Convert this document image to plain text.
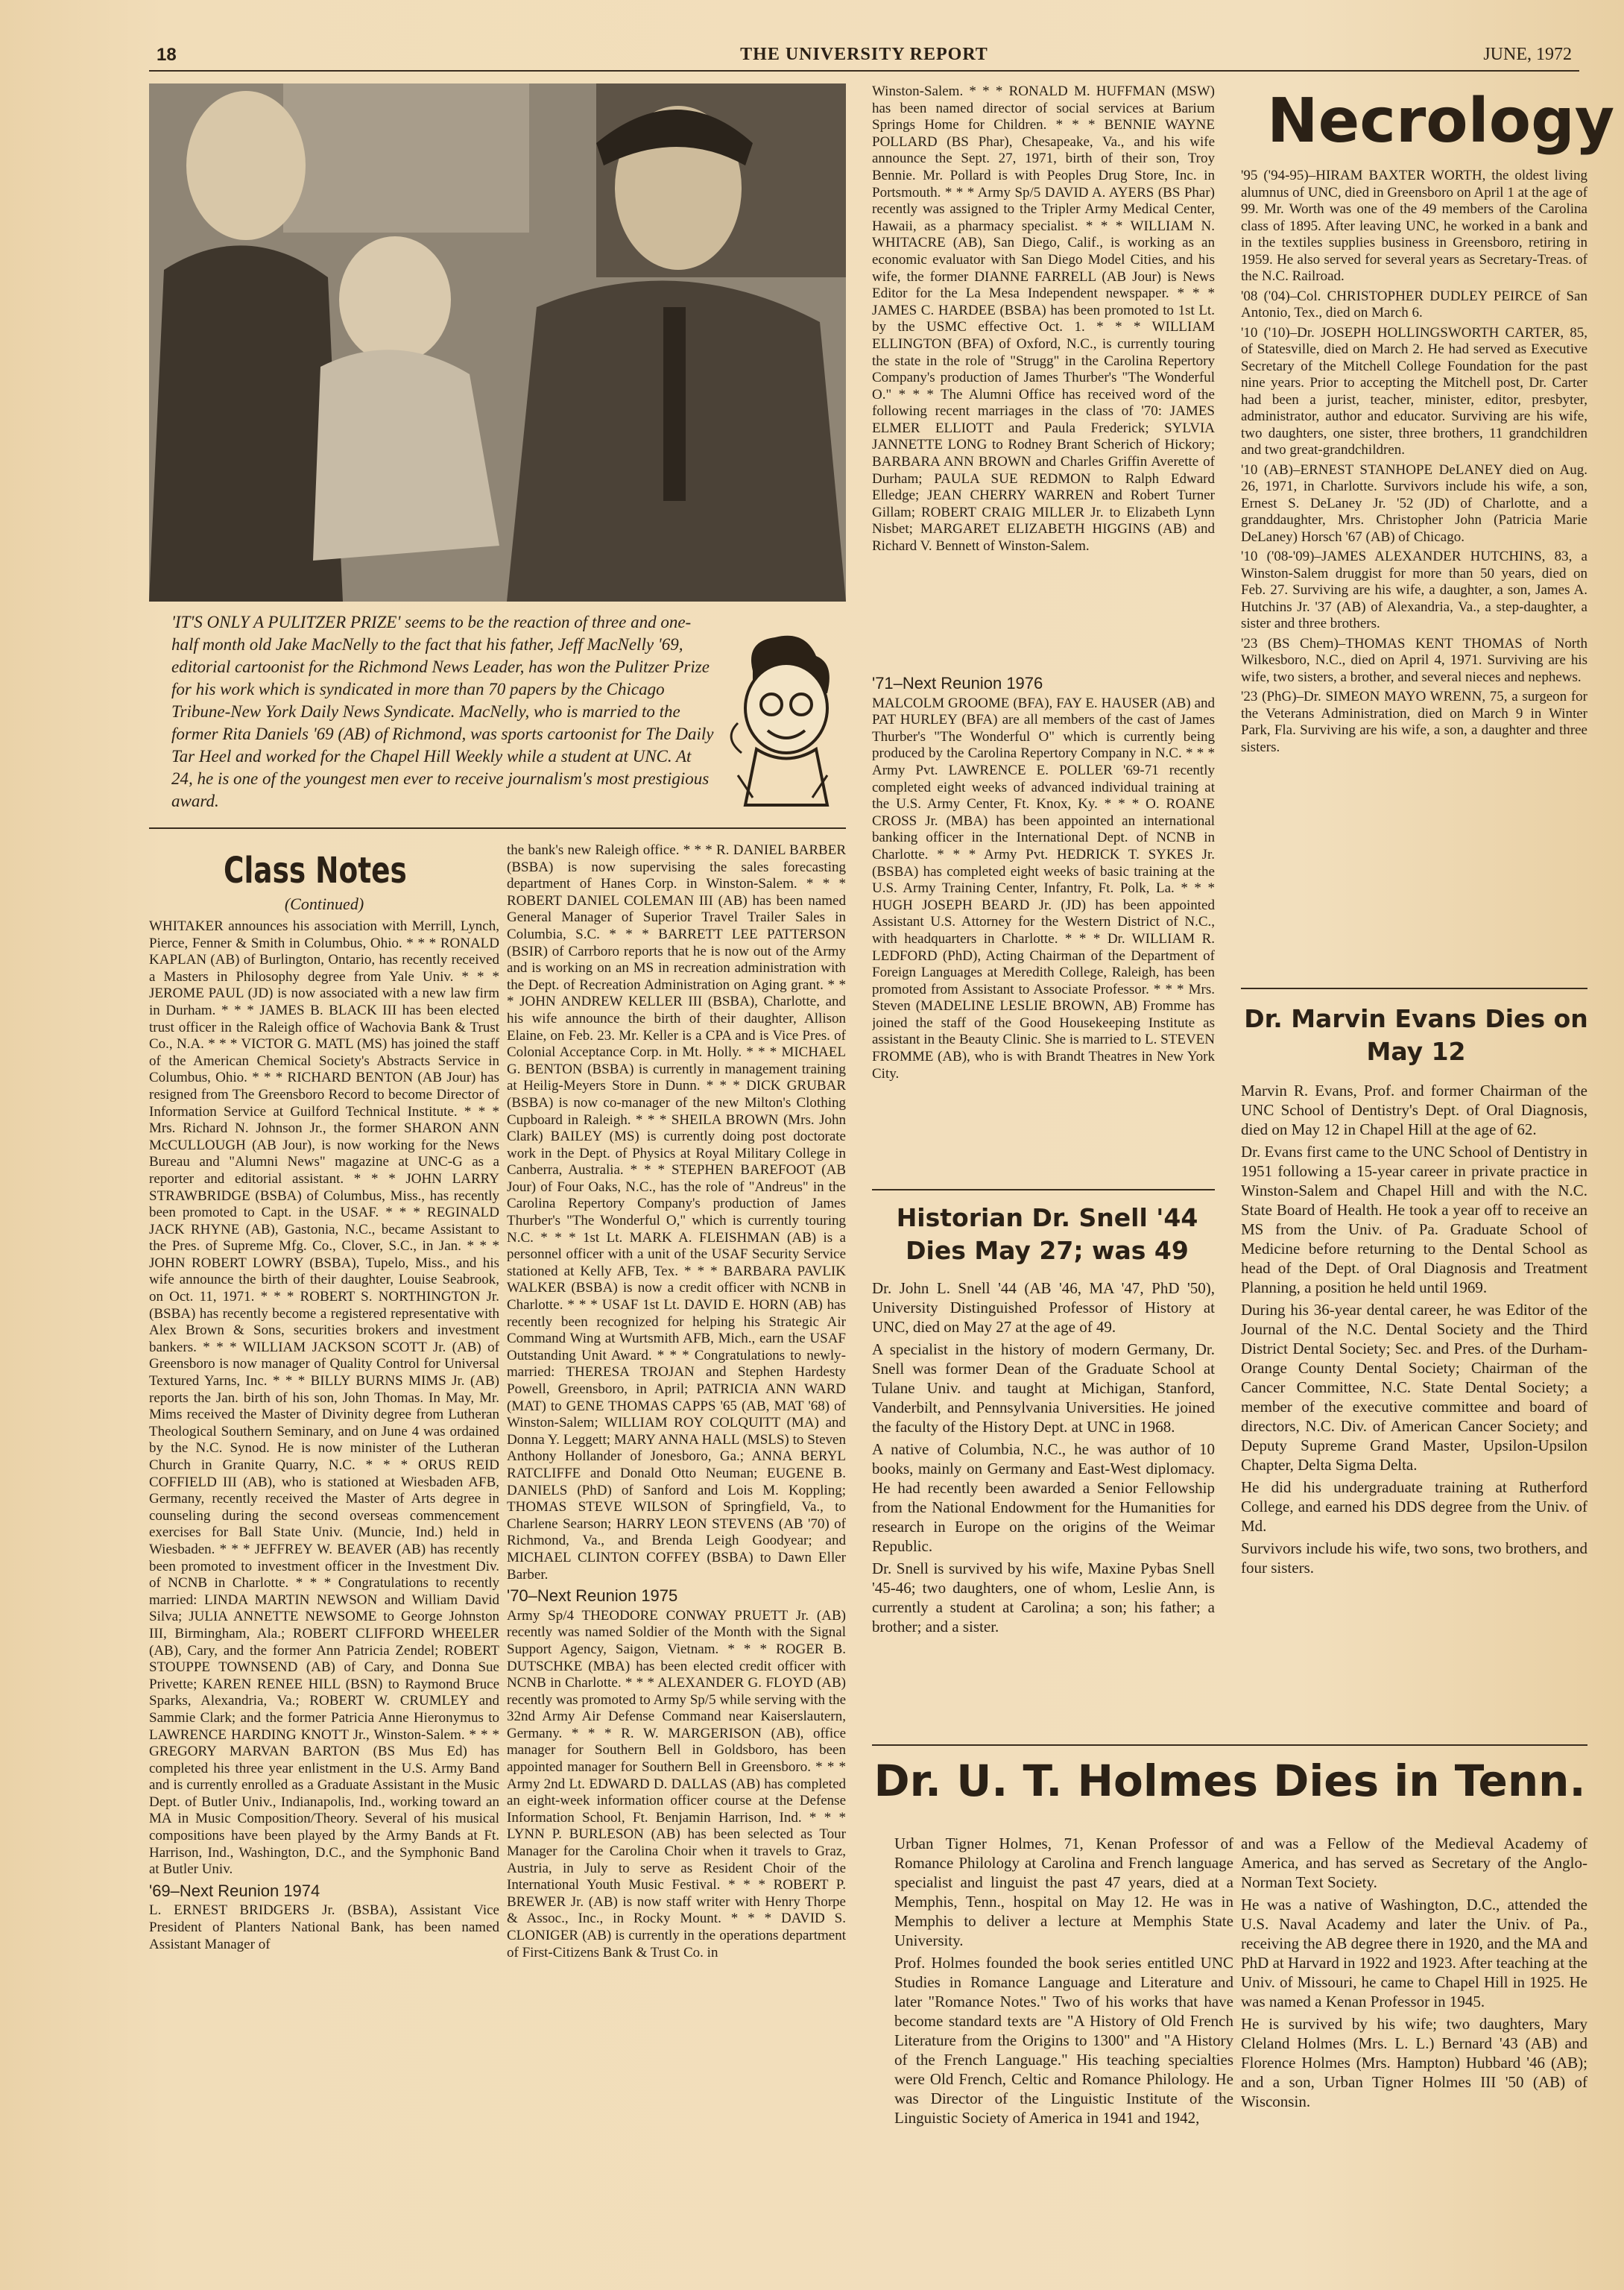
18	THE UNIVERSITY REPORT	JUNE, 1972
'IT'S ONLY A PULITZER PRIZE' seems to be the reaction of three and one-half month old Jake MacNelly to the fact that his father, Jeff MacNelly '69, editorial cartoonist for the Richmond News Leader, has won the Pulitzer Prize for his work which is syndicated in more than 70 papers by the Chicago Tribune-New York Daily News Syndicate. MacNelly, who is married to the former Rita Daniels '69 (AB) of Richmond, was sports cartoonist for The Daily Tar Heel and worked for the Chapel Hill Weekly while a student at UNC. At 24, he is one of the youngest men ever to receive journalism's most prestigious award.
Class Notes
(Continued)

WHITAKER announces his association with Merrill, Lynch, Pierce, Fenner & Smith in Columbus, Ohio. * * * RONALD KAPLAN (AB) of Burlington, Ontario, has recently received a Masters in Philosophy degree from Yale Univ. * * * JEROME PAUL (JD) is now associated with a new law firm in Durham. * * * JAMES B. BLACK III has been elected trust officer in the Raleigh office of Wachovia Bank & Trust Co., N.A. * * * VICTOR G. MATL (MS) has joined the staff of the American Chemical Society's Abstracts Service in Columbus, Ohio. * * * RICHARD BENTON (AB Jour) has resigned from The Greensboro Record to become Director of Information Service at Guilford Technical Institute. * * * Mrs. Richard N. Johnson Jr., the former SHARON ANN McCULLOUGH (AB Jour), is now working for the News Bureau and "Alumni News" magazine at UNC-G as a reporter and editorial assistant. * * * JOHN LARRY STRAWBRIDGE (BSBA) of Columbus, Miss., has recently been promoted to Capt. in the USAF. * * * REGINALD JACK RHYNE (AB), Gastonia, N.C., became Assistant to the Pres. of Supreme Mfg. Co., Clover, S.C., in Jan. * * * JOHN ROBERT LOWRY (BSBA), Tupelo, Miss., and his wife announce the birth of their daughter, Louise Seabrook, on Oct. 11, 1971. * * * ROBERT S. NORTHINGTON Jr. (BSBA) has recently become a registered representative with Alex Brown & Sons, securities brokers and investment bankers. * * * WILLIAM JACKSON SCOTT Jr. (AB) of Greensboro is now manager of Quality Control for Universal Textured Yarns, Inc. * * * BILLY BURNS MIMS Jr. (AB) reports the Jan. birth of his son, John Thomas. In May, Mr. Mims received the Master of Divinity degree from Lutheran Theological Southern Seminary, and on June 4 was ordained by the N.C. Synod. He is now minister of the Lutheran Church in Granite Quarry, N.C. * * * ORUS REID COFFIELD III (AB), who is stationed at Wiesbaden AFB, Germany, recently received the Master of Arts degree in counseling during the second overseas commencement exercises for Ball State Univ. (Muncie, Ind.) held in Wiesbaden. * * * JEFFREY W. BEAVER (AB) has recently been promoted to investment officer in the Investment Div. of NCNB in Charlotte. * * * Congratulations to recently married: LINDA MARTIN NEWSON and William David Silva; JULIA ANNETTE NEWSOME to George Johnston III, Birmingham, Ala.; ROBERT CLIFFORD WHEELER (AB), Cary, and the former Ann Patricia Zendel; ROBERT STOUPPE TOWNSEND (AB) of Cary, and Donna Sue Privette; KAREN RENEE HILL (BSN) to Raymond Bruce Sparks, Alexandria, Va.; ROBERT W. CRUMLEY and Sammie Clark; and the former Patricia Anne Hieronymus to LAWRENCE HARDING KNOTT Jr., Winston-Salem. * * * GREGORY MARVAN BARTON (BS Mus Ed) has completed his three year enlistment in the U.S. Army Band and is currently enrolled as a Graduate Assistant in the Music Dept. of Butler Univ., Indianapolis, Ind., working toward an MA in Music Composition/Theory. Several of his musical compositions have been played by the Army Bands at Ft. Harrison, Ind., Washington, D.C., and the Symphonic Band at Butler Univ.

'69–Next Reunion 1974

L. ERNEST BRIDGERS Jr. (BSBA), Assistant Vice President of Planters National Bank, has been named Assistant Manager of

the bank's new Raleigh office. * * * R. DANIEL BARBER (BSBA) is now supervising the sales forecasting department of Hanes Corp. in Winston-Salem. * * * ROBERT DANIEL COLEMAN III (AB) has been named General Manager of Superior Travel Trailer Sales in Columbia, S.C. * * * BARRETT LEE PATTERSON (BSIR) of Carrboro reports that he is now out of the Army and is working on an MS in recreation administration with the Dept. of Recreation Administration on Aging grant. * * * JOHN ANDREW KELLER III (BSBA), Charlotte, and his wife announce the birth of their daughter, Allison Elaine, on Feb. 23. Mr. Keller is a CPA and is Vice Pres. of Colonial Acceptance Corp. in Mt. Holly. * * * MICHAEL G. BENTON (BSBA) is currently in management training at Heilig-Meyers Store in Dunn. * * * DICK GRUBAR (BSBA) is now co-manager of the new Milton's Clothing Cupboard in Raleigh. * * * SHEILA BROWN (Mrs. John Clark) BAILEY (MS) is currently doing post doctorate work in the Dept. of Physics at Royal Military College in Canberra, Australia. * * * STEPHEN BAREFOOT (AB Jour) of Four Oaks, N.C., has the role of "Andreus" in the Carolina Repertory Company's production of James Thurber's "The Wonderful O," which is currently touring N.C. * * * 1st Lt. MARK A. FLEISHMAN (AB) is a personnel officer with a unit of the USAF Security Service stationed at Kelly AFB, Tex. * * * BARBARA PAVLIK WALKER (BSBA) is now a credit officer with NCNB in Charlotte. * * * USAF 1st Lt. DAVID E. HORN (AB) has recently been recognized for helping his Strategic Air Command Wing at Wurtsmith AFB, Mich., earn the USAF Outstanding Unit Award. * * * Congratulations to newly-married: THERESA TROJAN and Stephen Hardesty Powell, Greensboro, in April; PATRICIA ANN WARD (MAT) to GENE THOMAS CAPPS '65 (AB, MAT '68) of Winston-Salem; WILLIAM ROY COLQUITT (MA) and Donna Y. Leggett; MARY ANNA HALL (MSLS) to Steven Anthony Hollander of Jonesboro, Ga.; ANNA BERYL RATCLIFFE and Donald Otto Neuman; EUGENE B. DANIELS (PhD) of Sanford and Lois M. Koppling; THOMAS STEVE WILSON of Springfield, Va., to Charlene Searson; HARRY LEON STEVENS (AB '70) of Richmond, Va., and Brenda Leigh Goodyear; and MICHAEL CLINTON COFFEY (BSBA) to Dawn Eller Barber.

'70–Next Reunion 1975

Army Sp/4 THEODORE CONWAY PRUETT Jr. (AB) recently was named Soldier of the Month with the Signal Support Agency, Saigon, Vietnam. * * * ROGER B. DUTSCHKE (MBA) has been elected credit officer with NCNB in Charlotte. * * * ALEXANDER G. FLOYD (AB) recently was promoted to Army Sp/5 while serving with the 32nd Army Air Defense Command near Kaiserslautern, Germany. * * * R. W. MARGERISON (AB), office manager for Southern Bell in Goldsboro, has been appointed manager for Southern Bell in Greensboro. * * * Army 2nd Lt. EDWARD D. DALLAS (AB) has completed an eight-week information officer course at the Defense Information School, Ft. Benjamin Harrison, Ind. * * * LYNN P. BURLESON (AB) has been selected as Tour Manager for the Carolina Choir when it travels to Graz, Austria, in July to serve as Resident Choir of the International Youth Music Festival. * * * ROBERT P. BREWER Jr. (AB) is now staff writer with Henry Thorpe & Assoc., Inc., in Rocky Mount. * * * DAVID S. CLONIGER (AB) is currently in the operations department of First-Citizens Bank & Trust Co. in

Winston-Salem. * * * RONALD M. HUFFMAN (MSW) has been named director of social services at Barium Springs Home for Children. * * * BENNIE WAYNE POLLARD (BS Phar), Chesapeake, Va., and his wife announce the Sept. 27, 1971, birth of their son, Troy Bennie. Mr. Pollard is with Peoples Drug Store, Inc. in Portsmouth. * * * Army Sp/5 DAVID A. AYERS (BS Phar) recently was assigned to the Tripler Army Medical Center, Hawaii, as a pharmacy specialist. * * * WILLIAM N. WHITACRE (AB), San Diego, Calif., is working as an economic evaluator with San Diego Model Cities, and his wife, the former DIANNE FARRELL (AB Jour) is News Editor for the La Mesa Independent newspaper. * * * JAMES C. HARDEE (BSBA) has been promoted to 1st Lt. by the USMC effective Oct. 1. * * * WILLIAM ELLINGTON (BFA) of Oxford, N.C., is currently touring the state in the role of "Strugg" in the Carolina Repertory Company's production of James Thurber's "The Wonderful O." * * * The Alumni Office has received word of the following recent marriages in the class of '70: JAMES ELMER ELLIOTT and Paula Frederick; SYLVIA JANNETTE LONG to Rodney Brant Scherich of Hickory; BARBARA ANN BROWN and Charles Griffin Averette of Durham; PAULA SUE REDMON to Ralph Edward Elledge; JEAN CHERRY WARREN and Robert Turner Gillam; ROBERT CRAIG MILLER Jr. to Elizabeth Lynn Nisbet; MARGARET ELIZABETH HIGGINS (AB) and Richard V. Bennett of Winston-Salem.

'71–Next Reunion 1976

MALCOLM GROOME (BFA), FAY E. HAUSER (AB) and PAT HURLEY (BFA) are all members of the cast of James Thurber's "The Wonderful O" which is currently being produced by the Carolina Repertory Company in N.C. * * * Army Pvt. LAWRENCE E. POLLER '69-71 recently completed eight weeks of advanced individual training at the U.S. Army Center, Ft. Knox, Ky. * * * O. ROANE CROSS Jr. (MBA) has been appointed an international banking officer in the International Dept. of NCNB in Charlotte. * * * Army Pvt. HEDRICK T. SYKES Jr. (BSBA) has completed eight weeks of basic training at the U.S. Army Training Center, Infantry, Ft. Polk, La. * * * HUGH JOSEPH BEARD Jr. (JD) has been appointed Assistant U.S. Attorney for the Western District of N.C., with headquarters in Charlotte. * * * Dr. WILLIAM R. LEDFORD (PhD), Acting Chairman of the Department of Foreign Languages at Meredith College, Raleigh, has been promoted from Assistant to Associate Professor. * * * Mrs. Steven (MADELINE LESLIE BROWN, AB) Fromme has joined the staff of the Good Housekeeping Institute as assistant in the Beauty Clinic. She is married to L. STEVEN FROMME (AB), who is with Brandt Theatres in New York City.

Historian Dr. Snell '44 Dies May 27; was 49

Dr. John L. Snell '44 (AB '46, MA '47, PhD '50), University Distinguished Professor of History at UNC, died on May 27 at the age of 49.

A specialist in the history of modern Germany, Dr. Snell was former Dean of the Graduate School at Tulane Univ. and taught at Michigan, Stanford, Vanderbilt, and Pennsylvania Universities. He joined the faculty of the History Dept. at UNC in 1968.

A native of Columbia, N.C., he was author of 10 books, mainly on Germany and East-West diplomacy. He had recently been awarded a Senior Fellowship from the National Endowment for the Humanities for research in Europe on the origins of the Weimar Republic.

Dr. Snell is survived by his wife, Maxine Pybas Snell '45-46; two daughters, one of whom, Leslie Ann, is currently a student at Carolina; a son; his father; a brother; and a sister.

Necrology

'95 ('94-95)–HIRAM BAXTER WORTH, the oldest living alumnus of UNC, died in Greensboro on April 1 at the age of 99. Mr. Worth was one of the 49 members of the Carolina class of 1895. After leaving UNC, he worked in a bank and in the textiles supplies business in Greensboro, retiring in 1959. He also served for several years as Secretary-Treas. of the N.C. Railroad.

'08 ('04)–Col. CHRISTOPHER DUDLEY PEIRCE of San Antonio, Tex., died on March 6.

'10 ('10)–Dr. JOSEPH HOLLINGSWORTH CARTER, 85, of Statesville, died on March 2. He had served as Executive Secretary of the Mitchell College Foundation for the past nine years. Prior to accepting the Mitchell post, Dr. Carter had been a jurist, teacher, minister, editor, presbyter, administrator, author and educator. Surviving are his wife, two daughters, one sister, three brothers, 11 grandchildren and two great-grandchildren.

'10 (AB)–ERNEST STANHOPE DeLANEY died on Aug. 26, 1971, in Charlotte. Survivors include his wife, a son, Ernest S. DeLaney Jr. '52 (JD) of Charlotte, and a granddaughter, Mrs. Christopher John (Patricia Marie DeLaney) Horsch '67 (AB) of Chicago.

'10 ('08-'09)–JAMES ALEXANDER HUTCHINS, 83, a Winston-Salem druggist for more than 50 years, died on Feb. 27. Surviving are his wife, a daughter, a son, James A. Hutchins Jr. '37 (AB) of Alexandria, Va., a step-daughter, a sister and three brothers.

'23 (BS Chem)–THOMAS KENT THOMAS of North Wilkesboro, N.C., died on April 4, 1971. Surviving are his wife, two sisters, a brother, and several nieces and nephews.

'23 (PhG)–Dr. SIMEON MAYO WRENN, 75, a surgeon for the Veterans Administration, died on March 9 in Winter Park, Fla. Surviving are his wife, a son, a daughter and three sisters.

Dr. Marvin Evans Dies on May 12

Marvin R. Evans, Prof. and former Chairman of the UNC School of Dentistry's Dept. of Oral Diagnosis, died on May 12 in Chapel Hill at the age of 62.

Dr. Evans first came to the UNC School of Dentistry in 1951 following a 15-year career in private practice in Winston-Salem and Chapel Hill and with the N.C. State Board of Health. He took a year off to receive an MS from the Univ. of Pa. Graduate School of Medicine before returning to the Dental School as head of the Dept. of Oral Diagnosis and Treatment Planning, a position he held until 1969.

During his 36-year dental career, he was Editor of the Journal of the N.C. Dental Society and the Third District Dental Society; Sec. and Pres. of the Durham-Orange County Dental Society; Chairman of the Cancer Committee, N.C. State Dental Society; a member of the executive committee and board of directors, N.C. Div. of American Cancer Society; and Deputy Supreme Grand Master, Upsilon-Upsilon Chapter, Delta Sigma Delta.

He did his undergraduate training at Rutherford College, and earned his DDS degree from the Univ. of Md.

Survivors include his wife, two sons, two brothers, and four sisters.

Dr. U. T. Holmes Dies in Tenn.

Urban Tigner Holmes, 71, Kenan Professor of Romance Philology at Carolina and French language specialist and linguist the past 47 years, died at a Memphis, Tenn., hospital on May 12. He was in Memphis to deliver a lecture at Memphis State University.

Prof. Holmes founded the book series entitled UNC Studies in Romance Language and Literature and later "Romance Notes." Two of his works that have become standard texts are "A History of Old French Literature from the Origins to 1300" and "A History of the French Language." His teaching specialties were Old French, Celtic and Romance Philology. He was Director of the Linguistic Institute of the Linguistic Society of America in 1941 and 1942,

and was a Fellow of the Medieval Academy of America, and has served as Secretary of the Anglo-Norman Text Society.

He was a native of Washington, D.C., attended the U.S. Naval Academy and later the Univ. of Pa., receiving the AB degree there in 1920, and the MA and PhD at Harvard in 1922 and 1923. After teaching at the Univ. of Missouri, he came to Chapel Hill in 1925. He was named a Kenan Professor in 1945.

He is survived by his wife; two daughters, Mary Cleland Holmes (Mrs. L. L.) Bernard '43 (AB) and Florence Holmes (Mrs. Hampton) Hubbard '46 (AB); and a son, Urban Tigner Holmes III '50 (AB) of Wisconsin.
